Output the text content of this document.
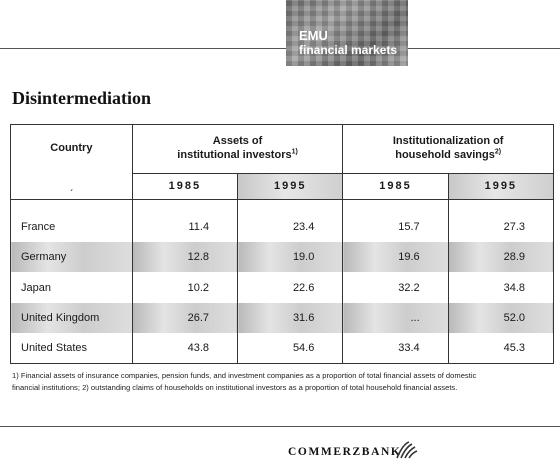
EMU
financial markets
Disintermediation
Country	Assets of
institutional investors$^{1)}$		Institutionalization of
household savings$^{2)}$
ˏ	1985	1995	1985	1995

France	11.4	23.4	15.7	27.3
Germany	12.8	19.0	19.6	28.9
Japan	10.2	22.6	32.2	34.8
United Kingdom	26.7	31.6	...	52.0
United States	43.8	54.6	33.4	45.3
1) Financial assets of insurance companies, pension funds, and investment companies as a proportion of total financial assets of domestic
financial institutions; 2) outstanding claims of households on institutional investors as a proportion of total household financial assets.
COMMERZBANK
